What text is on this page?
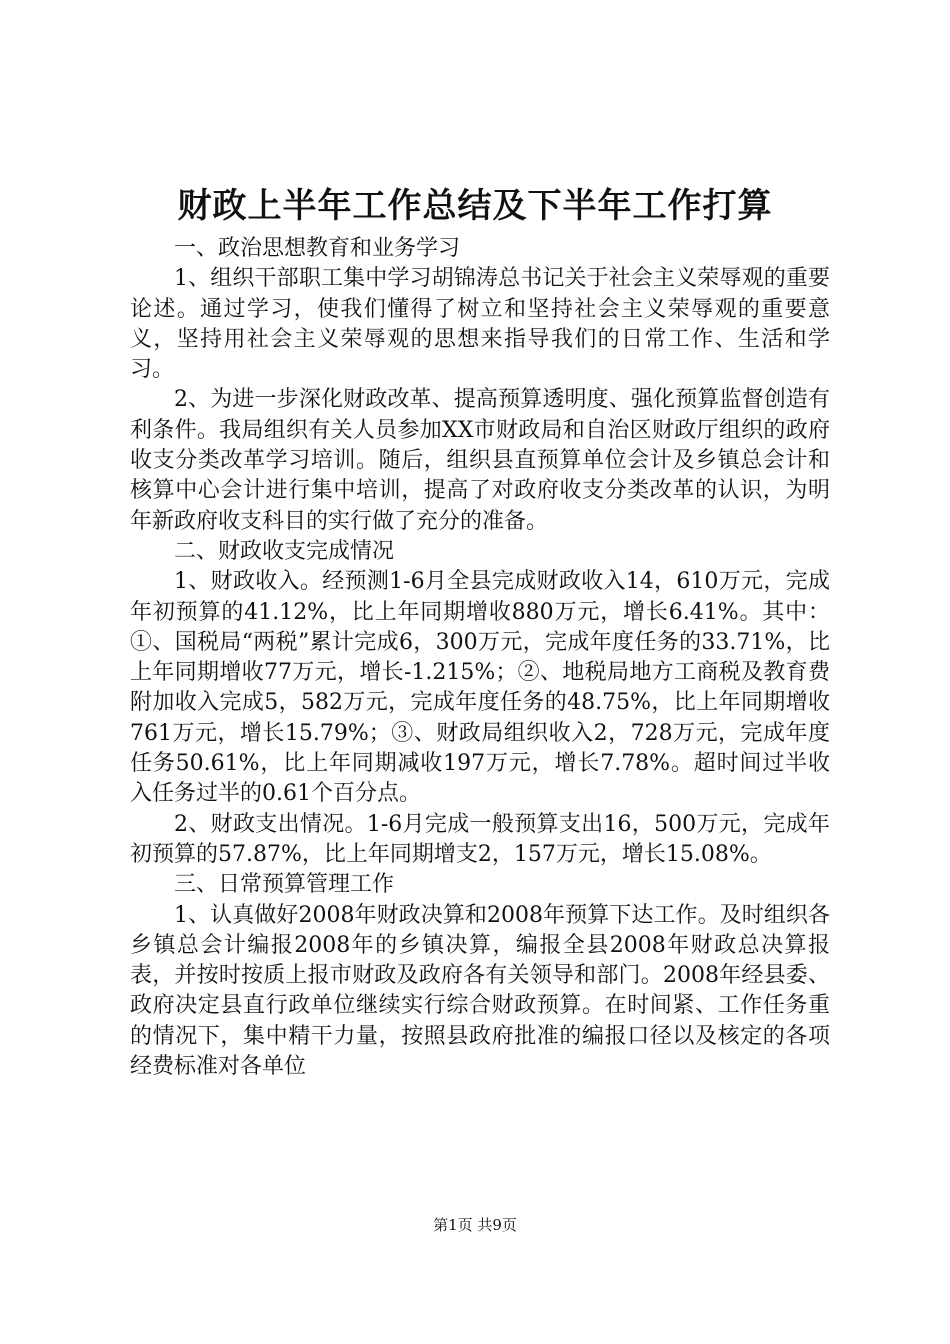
财政上半年工作总结及下半年工作打算

一、政治思想教育和业务学习

1、组织干部职工集中学习胡锦涛总书记关于社会主义荣辱观的重要论述。通过学习，使我们懂得了树立和坚持社会主义荣辱观的重要意义，坚持用社会主义荣辱观的思想来指导我们的日常工作、生活和学习。

2、为进一步深化财政改革、提高预算透明度、强化预算监督创造有利条件。我局组织有关人员参加XX市财政局和自治区财政厅组织的政府收支分类改革学习培训。随后，组织县直预算单位会计及乡镇总会计和核算中心会计进行集中培训，提高了对政府收支分类改革的认识，为明年新政府收支科目的实行做了充分的准备。

二、财政收支完成情况

1、财政收入。经预测1-6月全县完成财政收入14，610万元，完成年初预算的41.12%，比上年同期增收880万元，增长6.41%。其中：①、国税局“两税”累计完成6，300万元，完成年度任务的33.71%，比上年同期增收77万元，增长-1.215%；②、地税局地方工商税及教育费附加收入完成5，582万元，完成年度任务的48.75%，比上年同期增收761万元，增长15.79%；③、财政局组织收入2，728万元，完成年度任务50.61%，比上年同期减收197万元，增长7.78%。超时间过半收入任务过半的0.61个百分点。

2、财政支出情况。1-6月完成一般预算支出16，500万元，完成年初预算的57.87%，比上年同期增支2，157万元，增长15.08%。

三、日常预算管理工作

1、认真做好2008年财政决算和2008年预算下达工作。及时组织各乡镇总会计编报2008年的乡镇决算，编报全县2008年财政总决算报表，并按时按质上报市财政及政府各有关领导和部门。2008年经县委、政府决定县直行政单位继续实行综合财政预算。在时间紧、工作任务重的情况下，集中精干力量，按照县政府批准的编报口径以及核定的各项经费标准对各单位

第1页 共9页
